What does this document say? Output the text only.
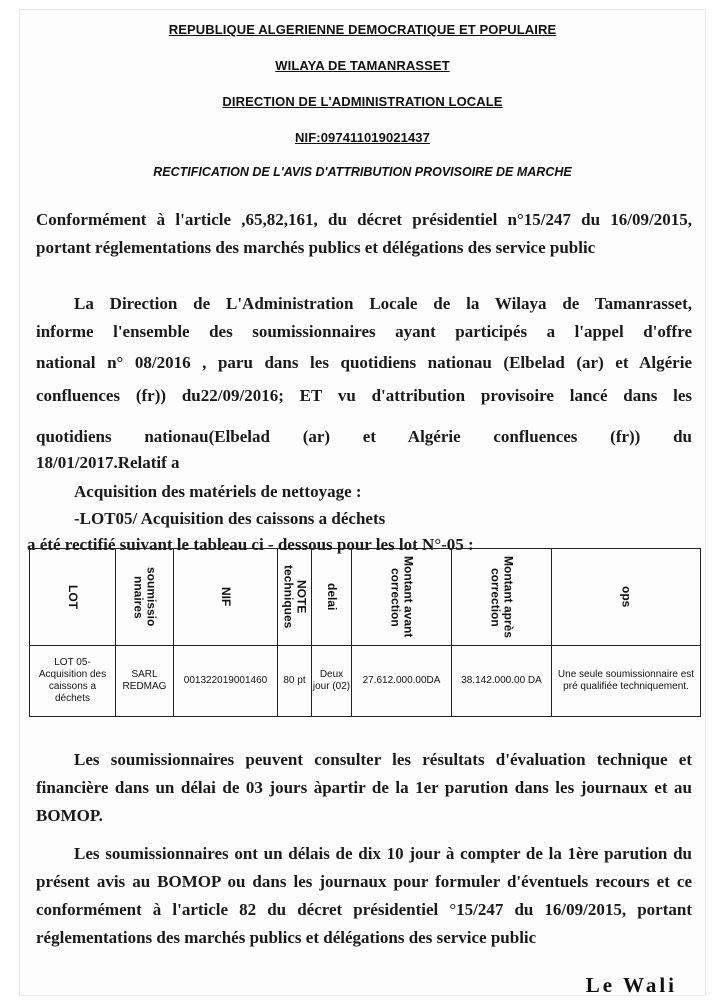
REPUBLIQUE ALGERIENNE DEMOCRATIQUE ET POPULAIRE
WILAYA DE TAMANRASSET
DIRECTION DE L'ADMINISTRATION LOCALE
NIF:097411019021437
RECTIFICATION DE L'AVIS D'ATTRIBUTION PROVISOIRE DE MARCHE
Conformément à l'article ,65,82,161, du décret présidentiel n°15/247 du 16/09/2015, portant réglementations des marchés publics et délégations des service public
La Direction de L'Administration Locale de la Wilaya de Tamanrasset,
informe l'ensemble des soumissionnaires ayant participés a l'appel d'offre
national n° 08/2016 , paru dans les quotidiens nationau (Elbelad (ar) et Algérie
confluences (fr)) du22/09/2016; ET vu d'attribution provisoire lancé dans les
quotidiens nationau(Elbelad (ar) et Algérie confluences (fr)) du
18/01/2017.Relatif a
Acquisition des matériels de nettoyage :
-LOT05/ Acquisition des caissons a déchets
a été rectifié suivant le tableau ci - dessous pour les lot N°-05 :
LOT	soumissio nnaires	NIF	NOTE techniques	delai	Montant avant correction	Montant après correction	ops

LOT 05- Acquisition des caissons a déchets	SARL REDMAG	001322019001460	80 pt	Deux jour (02)	27.612.000.00DA	38.142.000.00 DA	Une seule soumissionnaire est pré qualifiée techniquement.
Les soumissionnaires peuvent consulter les résultats d'évaluation technique et financière dans un délai de 03 jours àpartir de la 1er parution dans les journaux et au BOMOP.
Les soumissionnaires ont un délais de dix 10 jour à compter de la 1ère parution du présent avis au BOMOP ou dans les journaux pour formuler d'éventuels recours et ce conformément à l'article 82 du décret présidentiel °15/247 du 16/09/2015, portant réglementations des marchés publics et délégations des service public
Le Wali
